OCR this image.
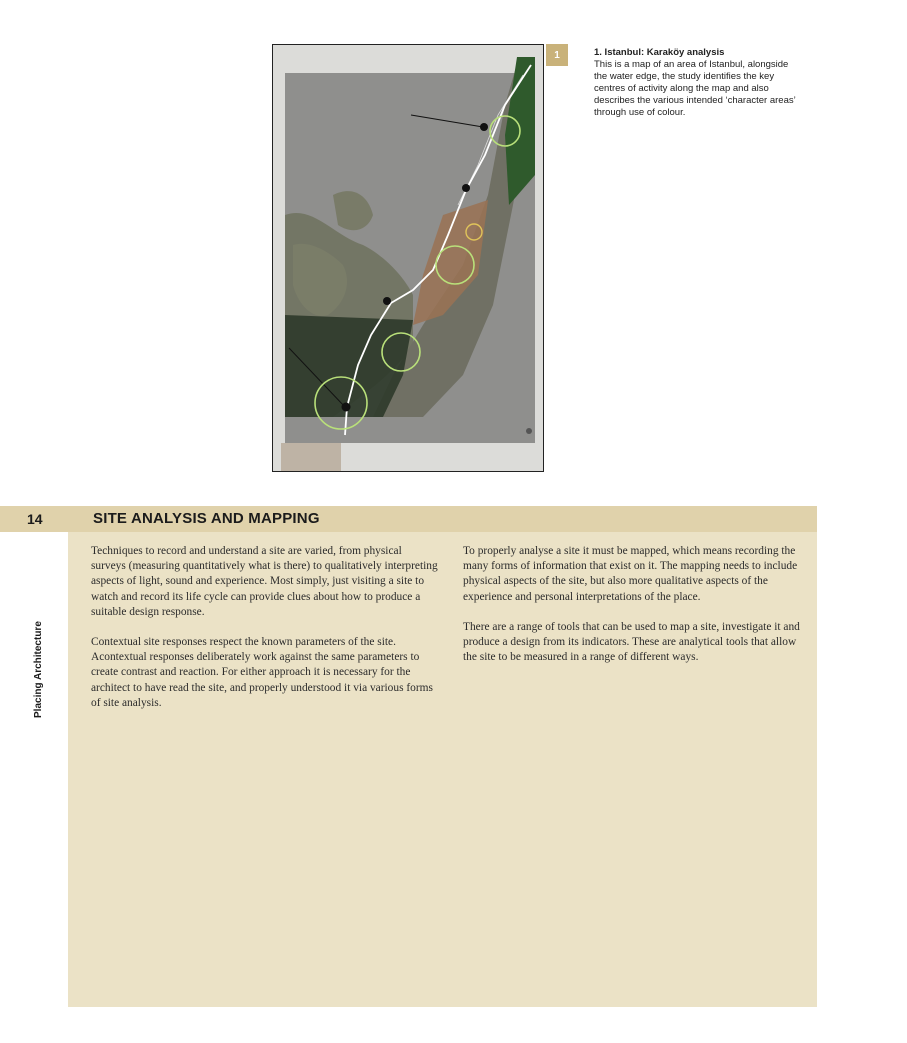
1	1. Istanbul: Karaköy analysis
This is a map of an area of Istanbul, alongside the water edge, the study identifies the key centres of activity along the map and also describes the various intended ‘character areas’ through use of colour.
14
Placing Architecture
SITE ANALYSIS AND MAPPING

Techniques to record and understand a site are varied, from physical surveys (measuring quantitatively what is there) to qualitatively interpreting aspects of light, sound and experience. Most simply, just visiting a site to watch and record its life cycle can provide clues about how to produce a suitable design response.

Contextual site responses respect the known parameters of the site. Acontextual responses deliberately work against the same parameters to create contrast and reaction. For either approach it is necessary for the architect to have read the site, and properly understood it via various forms of site analysis.

To properly analyse a site it must be mapped, which means recording the many forms of information that exist on it. The mapping needs to include physical aspects of the site, but also more qualitative aspects of the experience and personal interpretations of the place.

There are a range of tools that can be used to map a site, investigate it and produce a design from its indicators. These are analytical tools that allow the site to be measured in a range of different ways.
